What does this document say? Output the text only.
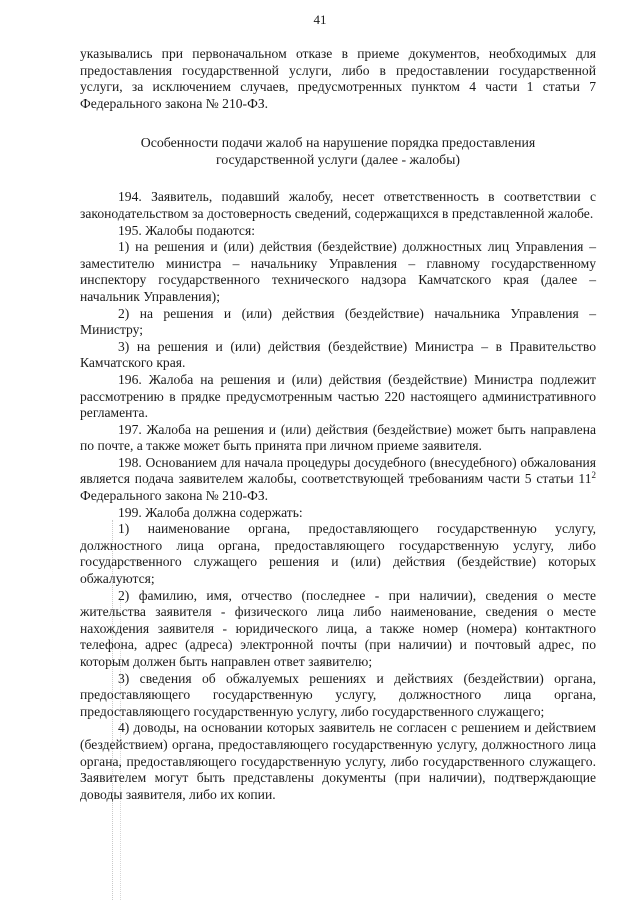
41

указывались при первоначальном отказе в приеме документов, необходимых для предоставления государственной услуги, либо в предоставлении государственной услуги, за исключением случаев, предусмотренных пунктом 4 части 1 статьи 7 Федерального закона № 210-ФЗ.

Особенности подачи жалоб на нарушение порядка предоставления
государственной услуги (далее - жалобы)

194. Заявитель, подавший жалобу, несет ответственность в соответствии с законодательством за достоверность сведений, содержащихся в представленной жалобе.

195. Жалобы подаются:

1) на решения и (или) действия (бездействие) должностных лиц Управления – заместителю министра – начальнику Управления – главному государственному инспектору государственного технического надзора Камчатского края (далее – начальник Управления);

2) на решения и (или) действия (бездействие) начальника Управления – Министру;

3) на решения и (или) действия (бездействие) Министра – в Правительство Камчатского края.

196. Жалоба на решения и (или) действия (бездействие) Министра подлежит рассмотрению в прядке предусмотренным частью 220 настоящего административного регламента.

197. Жалоба на решения и (или) действия (бездействие) может быть направлена по почте, а также может быть принята при личном приеме заявителя.

198. Основанием для начала процедуры досудебного (внесудебного) обжалования является подача заявителем жалобы, соответствующей требованиям части 5 статьи $11^2$ Федерального закона № 210-ФЗ.

199. Жалоба должна содержать:

1) наименование органа, предоставляющего государственную услугу, должностного лица органа, предоставляющего государственную услугу, либо государственного служащего решения и (или) действия (бездействие) которых обжалуются;

2) фамилию, имя, отчество (последнее - при наличии), сведения о месте жительства заявителя - физического лица либо наименование, сведения о месте нахождения заявителя - юридического лица, а также номер (номера) контактного телефона, адрес (адреса) электронной почты (при наличии) и почтовый адрес, по которым должен быть направлен ответ заявителю;

3) сведения об обжалуемых решениях и действиях (бездействии) органа, предоставляющего государственную услугу, должностного лица органа, предоставляющего государственную услугу, либо государственного служащего;

4) доводы, на основании которых заявитель не согласен с решением и действием (бездействием) органа, предоставляющего государственную услугу, должностного лица органа, предоставляющего государственную услугу, либо государственного служащего. Заявителем могут быть представлены документы (при наличии), подтверждающие доводы заявителя, либо их копии.
